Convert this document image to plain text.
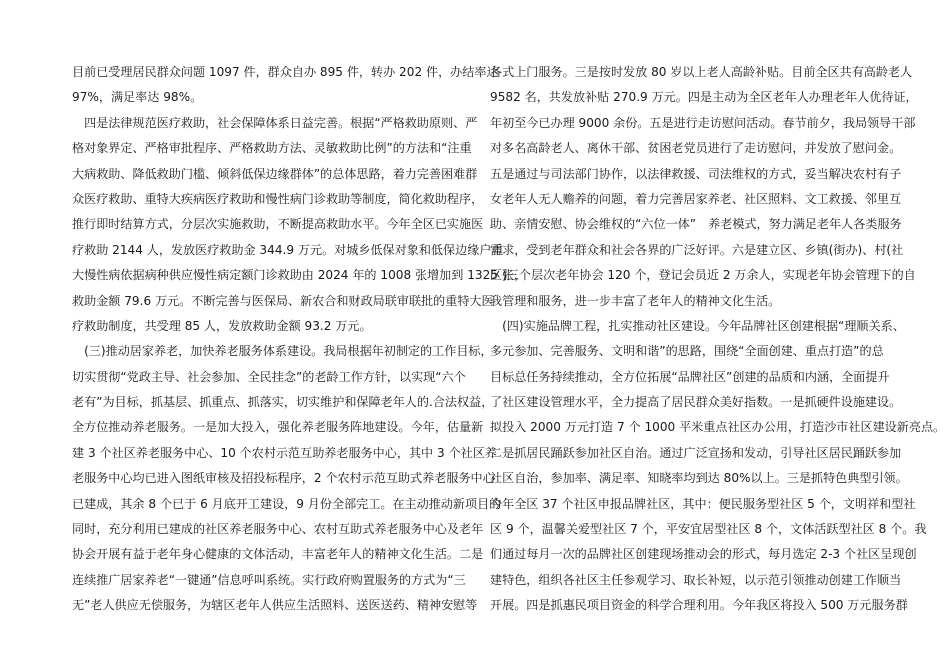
目前已受理居民群众问题 1097 件，群众自办 895 件，转办 202 件，办结率达
97%，满足率达 98%。
　四是法律规范医疗救助，社会保障体系日益完善。根据“严格救助原则、严
格对象界定、严格审批程序、严格救助方法、灵敏救助比例”的方法和“注重
大病救助、降低救助门槛、倾斜低保边缘群体”的总体思路，着力完善困难群
众医疗救助、重特大疾病医疗救助和慢性病门诊救助等制度，简化救助程序，
推行即时结算方式，分层次实施救助，不断提高救助水平。今年全区已实施医
疗救助 2144 人，发放医疗救助金 344.9 万元。对城乡低保对象和低保边缘户重
大慢性病依据病种供应慢性病定额门诊救助由 2024 年的 1008 张增加到 1325 张，
救助金额 79.6 万元。不断完善与医保局、新农合和财政局联审联批的重特大医
疗救助制度，共受理 85 人，发放救助金额 93.2 万元。
　(三)推动居家养老，加快养老服务体系建设。我局根据年初制定的工作目标，
切实贯彻“党政主导、社会参加、全民挂念”的老龄工作方针，以实现“六个
老有”为目标，抓基层、抓重点、抓落实，切实维护和保障老年人的.合法权益，
全方位推动养老服务。一是加大投入，强化养老服务阵地建设。今年，估量新
建 3 个社区养老服务中心、10 个农村示范互助养老服务中心，其中 3 个社区养
老服务中心均已进入图纸审核及招投标程序，2 个农村示范互助式养老服务中心
已建成，其余 8 个已于 6 月底开工建设，9 月份全部完工。在主动推动新项目的
同时，充分利用已建成的社区养老服务中心、农村互助式养老服务中心及老年
协会开展有益于老年身心健康的文体活动，丰富老年人的精神文化生活。二是
连续推广居家养老“一键通”信息呼叫系统。实行政府购置服务的方式为“三
无”老人供应无偿服务，为辖区老年人供应生活照料、送医送药、精神安慰等
各式上门服务。三是按时发放 80 岁以上老人高龄补贴。目前全区共有高龄老人
9582 名，共发放补贴 270.9 万元。四是主动为全区老年人办理老年人优待证，
年初至今已办理 9000 余份。五是进行走访慰问活动。春节前夕，我局领导干部
对多名高龄老人、离休干部、贫困老党员进行了走访慰问，并发放了慰问金。
五是通过与司法部门协作，以法律救援、司法维权的方式，妥当解决农村有子
女老年人无人赡养的问题，着力完善居家养老、社区照料、文工救援、邻里互
助、亲情安慰、协会维权的“六位一体”　养老模式，努力满足老年人各类服务
需求，受到老年群众和社会各界的广泛好评。六是建立区、乡镇(街办)、村(社
区)三个层次老年协会 120 个，登记会员近 2 万余人，实现老年协会管理下的自
我管理和服务，进一步丰富了老年人的精神文化生活。
　(四)实施品牌工程，扎实推动社区建设。今年品牌社区创建根据“理顺关系、
多元参加、完善服务、文明和谐”的思路，围绕“全面创建、重点打造”的总
目标总任务持续推动，全方位拓展“品牌社区”创建的品质和内涵，全面提升
了社区建设管理水平，全力提高了居民群众美好指数。一是抓硬件设施建设。
拟投入 2000 万元打造 7 个 1000 平米重点社区办公用，打造沙市社区建设新亮点。
二是抓居民踊跃参加社区自治。通过广泛宣扬和发动，引导社区居民踊跃参加
社区自治，参加率、满足率、知晓率均到达 80%以上。三是抓特色典型引领。
今年全区 37 个社区申报品牌社区，其中：便民服务型社区 5 个，文明祥和型社
区 9 个，温馨关爱型社区 7 个，平安宜居型社区 8 个，文体活跃型社区 8 个。我
们通过每月一次的品牌社区创建现场推动会的形式，每月选定 2-3 个社区呈现创
建特色，组织各社区主任参观学习、取长补短，以示范引领推动创建工作顺当
开展。四是抓惠民项目资金的科学合理利用。今年我区将投入 500 万元服务群
